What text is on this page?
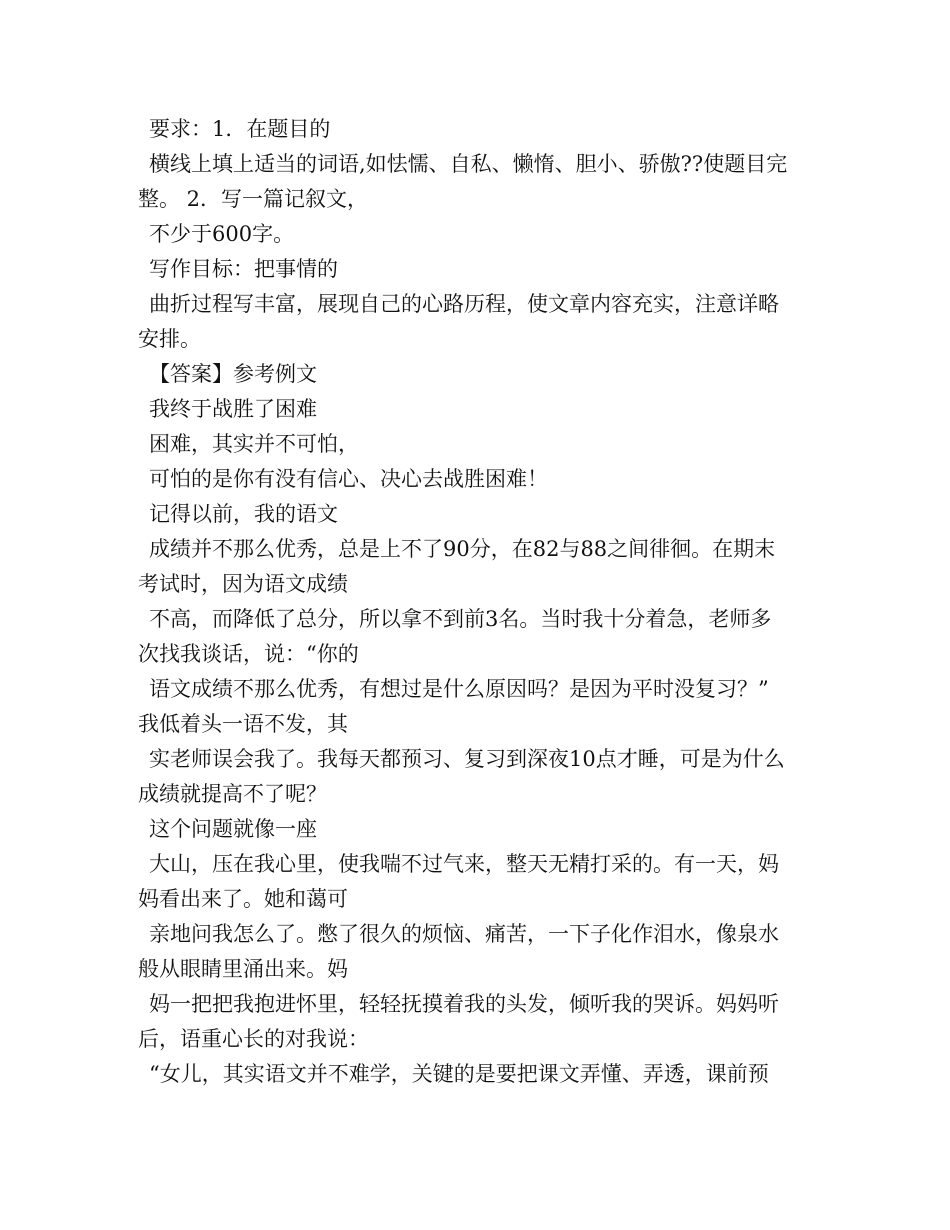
要求：1．在题目的
横线上填上适当的词语,如怯懦、自私、懒惰、胆小、骄傲??使题目完
整。 2．写一篇记叙文，
不少于600字。
写作目标：把事情的
曲折过程写丰富，展现自己的心路历程，使文章内容充实，注意详略
安排。
【答案】参考例文
我终于战胜了困难
困难，其实并不可怕，
可怕的是你有没有信心、决心去战胜困难！
记得以前，我的语文
成绩并不那么优秀，总是上不了90分，在82与88之间徘徊。在期末
考试时，因为语文成绩
不高，而降低了总分，所以拿不到前3名。当时我十分着急，老师多
次找我谈话，说：“你的
语文成绩不那么优秀，有想过是什么原因吗？是因为平时没复习？”
我低着头一语不发，其
实老师误会我了。我每天都预习、复习到深夜10点才睡，可是为什么
成绩就提高不了呢？
这个问题就像一座
大山，压在我心里，使我喘不过气来，整天无精打采的。有一天，妈
妈看出来了。她和蔼可
亲地问我怎么了。憋了很久的烦恼、痛苦，一下子化作泪水，像泉水
般从眼睛里涌出来。妈
妈一把把我抱进怀里，轻轻抚摸着我的头发，倾听我的哭诉。妈妈听
后，语重心长的对我说：
“女儿，其实语文并不难学，关键的是要把课文弄懂、弄透，课前预
